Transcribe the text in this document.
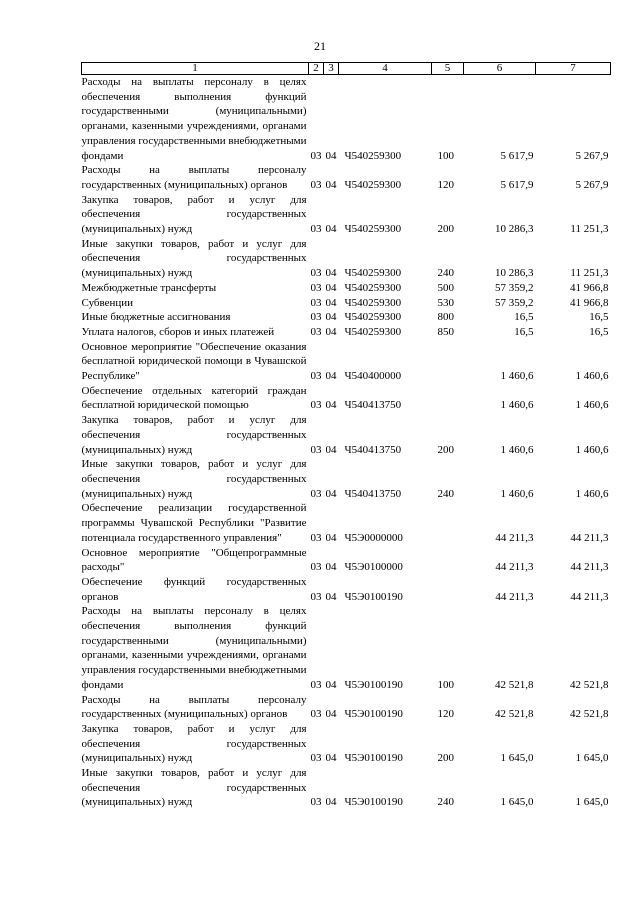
21
1	2	3	4	5	6	7
Расходы на выплаты персоналу в целях обеспечения выполнения функций государственными (муниципальными) органами, казенными учреждениями, органами управления государственными внебюджетными фондами	03	04	Ч540259300	100	5 617,9	5 267,9
Расходы на выплаты персоналу государственных (муниципальных) органов	03	04	Ч540259300	120	5 617,9	5 267,9
Закупка товаров, работ и услуг для обеспечения государственных (муниципальных) нужд	03	04	Ч540259300	200	10 286,3	11 251,3
Иные закупки товаров, работ и услуг для обеспечения государственных (муниципальных) нужд	03	04	Ч540259300	240	10 286,3	11 251,3
Межбюджетные трансферты	03	04	Ч540259300	500	57 359,2	41 966,8
Субвенции	03	04	Ч540259300	530	57 359,2	41 966,8
Иные бюджетные ассигнования	03	04	Ч540259300	800	16,5	16,5
Уплата налогов, сборов и иных платежей	03	04	Ч540259300	850	16,5	16,5
Основное мероприятие "Обеспечение оказания бесплатной юридической помощи в Чувашской Республике"	03	04	Ч540400000		1 460,6	1 460,6
Обеспечение отдельных категорий граждан бесплатной юридической помощью	03	04	Ч540413750		1 460,6	1 460,6
Закупка товаров, работ и услуг для обеспечения государственных (муниципальных) нужд	03	04	Ч540413750	200	1 460,6	1 460,6
Иные закупки товаров, работ и услуг для обеспечения государственных (муниципальных) нужд	03	04	Ч540413750	240	1 460,6	1 460,6
Обеспечение реализации государственной программы Чувашской Республики "Развитие потенциала государственного управления"	03	04	Ч5Э0000000		44 211,3	44 211,3
Основное мероприятие "Общепрограммные расходы"	03	04	Ч5Э0100000		44 211,3	44 211,3
Обеспечение функций государственных органов	03	04	Ч5Э0100190		44 211,3	44 211,3
Расходы на выплаты персоналу в целях обеспечения выполнения функций государственными (муниципальными) органами, казенными учреждениями, органами управления государственными внебюджетными фондами	03	04	Ч5Э0100190	100	42 521,8	42 521,8
Расходы на выплаты персоналу государственных (муниципальных) органов	03	04	Ч5Э0100190	120	42 521,8	42 521,8
Закупка товаров, работ и услуг для обеспечения государственных (муниципальных) нужд	03	04	Ч5Э0100190	200	1 645,0	1 645,0
Иные закупки товаров, работ и услуг для обеспечения государственных (муниципальных) нужд	03	04	Ч5Э0100190	240	1 645,0	1 645,0
